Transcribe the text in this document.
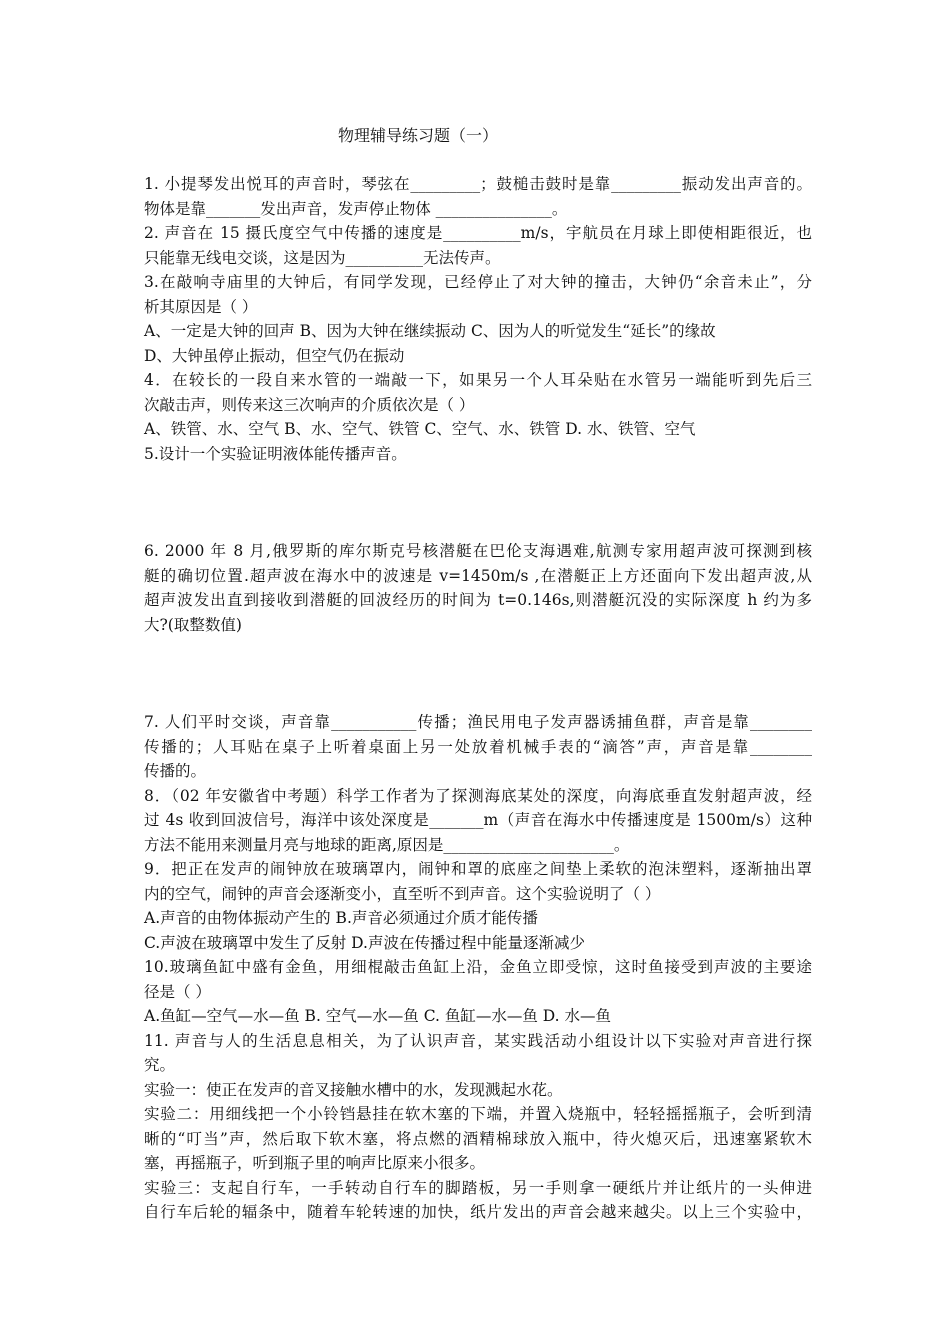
物理辅导练习题（一）
1. 小提琴发出悦耳的声音时，琴弦在_________；鼓槌击鼓时是靠_________振动发出声音的。
物体是靠_______发出声音，发声停止物体 _______________。
2. 声音在 15 摄氏度空气中传播的速度是__________m/s，宇航员在月球上即使相距很近，也
只能靠无线电交谈，这是因为__________无法传声。
3.在敲响寺庙里的大钟后，有同学发现，已经停止了对大钟的撞击，大钟仍“余音未止”，分
析其原因是（ ）
A、一定是大钟的回声 B、因为大钟在继续振动 C、因为人的听觉发生“延长”的缘故
D、大钟虽停止振动，但空气仍在振动
4．在较长的一段自来水管的一端敲一下，如果另一个人耳朵贴在水管另一端能听到先后三
次敲击声，则传来这三次响声的介质依次是（ ）
A、铁管、水、空气 B、水、空气、铁管 C、空气、水、铁管 D. 水、铁管、空气
5.设计一个实验证明液体能传播声音。
6. 2000 年 8 月,俄罗斯的库尔斯克号核潜艇在巴伦支海遇难,航测专家用超声波可探测到核
艇的确切位置.超声波在海水中的波速是 v=1450m/s ,在潜艇正上方还面向下发出超声波,从
超声波发出直到接收到潜艇的回波经历的时间为 t=0.146s,则潜艇沉没的实际深度 h 约为多
大?(取整数值)
7. 人们平时交谈，声音靠___________传播；渔民用电子发声器诱捕鱼群，声音是靠________
传播的；人耳贴在桌子上听着桌面上另一处放着机械手表的“滴答”声，声音是靠________
传播的。
8．（02 年安徽省中考题）科学工作者为了探测海底某处的深度，向海底垂直发射超声波，经
过 4s 收到回波信号，海洋中该处深度是_______m（声音在海水中传播速度是 1500m/s）这种
方法不能用来测量月亮与地球的距离,原因是______________________。
9．把正在发声的闹钟放在玻璃罩内，闹钟和罩的底座之间垫上柔软的泡沫塑料，逐渐抽出罩
内的空气，闹钟的声音会逐渐变小，直至听不到声音。这个实验说明了（ ）
A.声音的由物体振动产生的 B.声音必须通过介质才能传播
C.声波在玻璃罩中发生了反射 D.声波在传播过程中能量逐渐减少
10.玻璃鱼缸中盛有金鱼，用细棍敲击鱼缸上沿，金鱼立即受惊，这时鱼接受到声波的主要途
径是（ ）
A.鱼缸—空气—水—鱼 B. 空气—水—鱼 C. 鱼缸—水—鱼 D. 水—鱼
11. 声音与人的生活息息相关，为了认识声音，某实践活动小组设计以下实验对声音进行探
究。
实验一：使正在发声的音叉接触水槽中的水，发现溅起水花。
实验二：用细线把一个小铃铛悬挂在软木塞的下端，并置入烧瓶中，轻轻摇摇瓶子，会听到清
晰的“叮当”声，然后取下软木塞，将点燃的酒精棉球放入瓶中，待火熄灭后，迅速塞紧软木
塞，再摇瓶子，听到瓶子里的响声比原来小很多。
实验三：支起自行车，一手转动自行车的脚踏板，另一手则拿一硬纸片并让纸片的一头伸进
自行车后轮的辐条中，随着车轮转速的加快，纸片发出的声音会越来越尖。以上三个实验中，
